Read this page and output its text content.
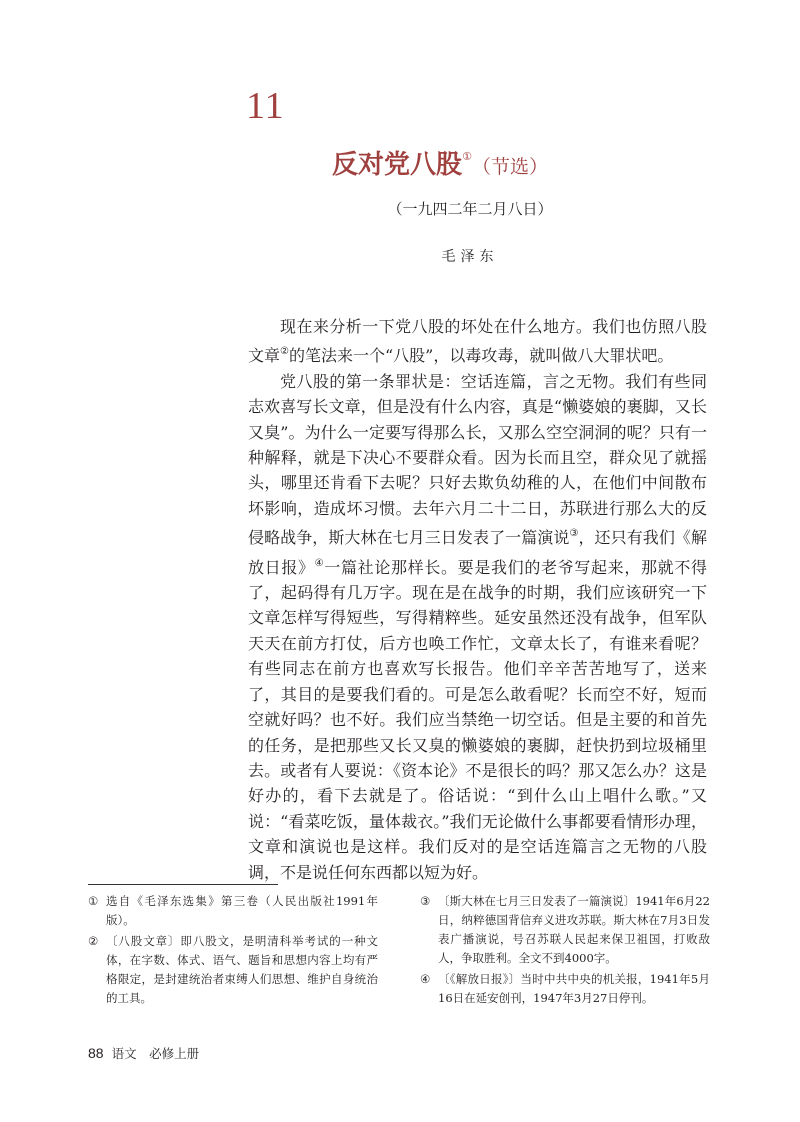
11
反对党八股①（节选）
（一九四二年二月八日）
毛泽东

现在来分析一下党八股的坏处在什么地方。我们也仿照八股文章②的笔法来一个“八股”，以毒攻毒，就叫做八大罪状吧。

党八股的第一条罪状是：空话连篇，言之无物。我们有些同志欢喜写长文章，但是没有什么内容，真是“懒婆娘的裹脚，又长又臭”。为什么一定要写得那么长，又那么空空洞洞的呢？只有一种解释，就是下决心不要群众看。因为长而且空，群众见了就摇头，哪里还肯看下去呢？只好去欺负幼稚的人，在他们中间散布坏影响，造成坏习惯。去年六月二十二日，苏联进行那么大的反侵略战争，斯大林在七月三日发表了一篇演说③，还只有我们《解放日报》④一篇社论那样长。要是我们的老爷写起来，那就不得了，起码得有几万字。现在是在战争的时期，我们应该研究一下文章怎样写得短些，写得精粹些。延安虽然还没有战争，但军队天天在前方打仗，后方也唤工作忙，文章太长了，有谁来看呢？有些同志在前方也喜欢写长报告。他们辛辛苦苦地写了，送来了，其目的是要我们看的。可是怎么敢看呢？长而空不好，短而空就好吗？也不好。我们应当禁绝一切空话。但是主要的和首先的任务，是把那些又长又臭的懒婆娘的裹脚，赶快扔到垃圾桶里去。或者有人要说：《资本论》不是很长的吗？那又怎么办？这是好办的，看下去就是了。俗话说：“到什么山上唱什么歌。”又说：“看菜吃饭，量体裁衣。”我们无论做什么事都要看情形办理，文章和演说也是这样。我们反对的是空话连篇言之无物的八股调，不是说任何东西都以短为好。

① 选自《毛泽东选集》第三卷（人民出版社1991年版）。
② 〔八股文章〕即八股文，是明清科举考试的一种文体，在字数、体式、语气、题旨和思想内容上均有严格限定，是封建统治者束缚人们思想、维护自身统治的工具。
③ 〔斯大林在七月三日发表了一篇演说〕1941年6月22日，纳粹德国背信弃义进攻苏联。斯大林在7月3日发表广播演说，号召苏联人民起来保卫祖国，打败敌人，争取胜利。全文不到4000字。
④ 〔《解放日报》〕当时中共中央的机关报，1941年5月16日在延安创刊，1947年3月27日停刊。
88 语文　必修上册
